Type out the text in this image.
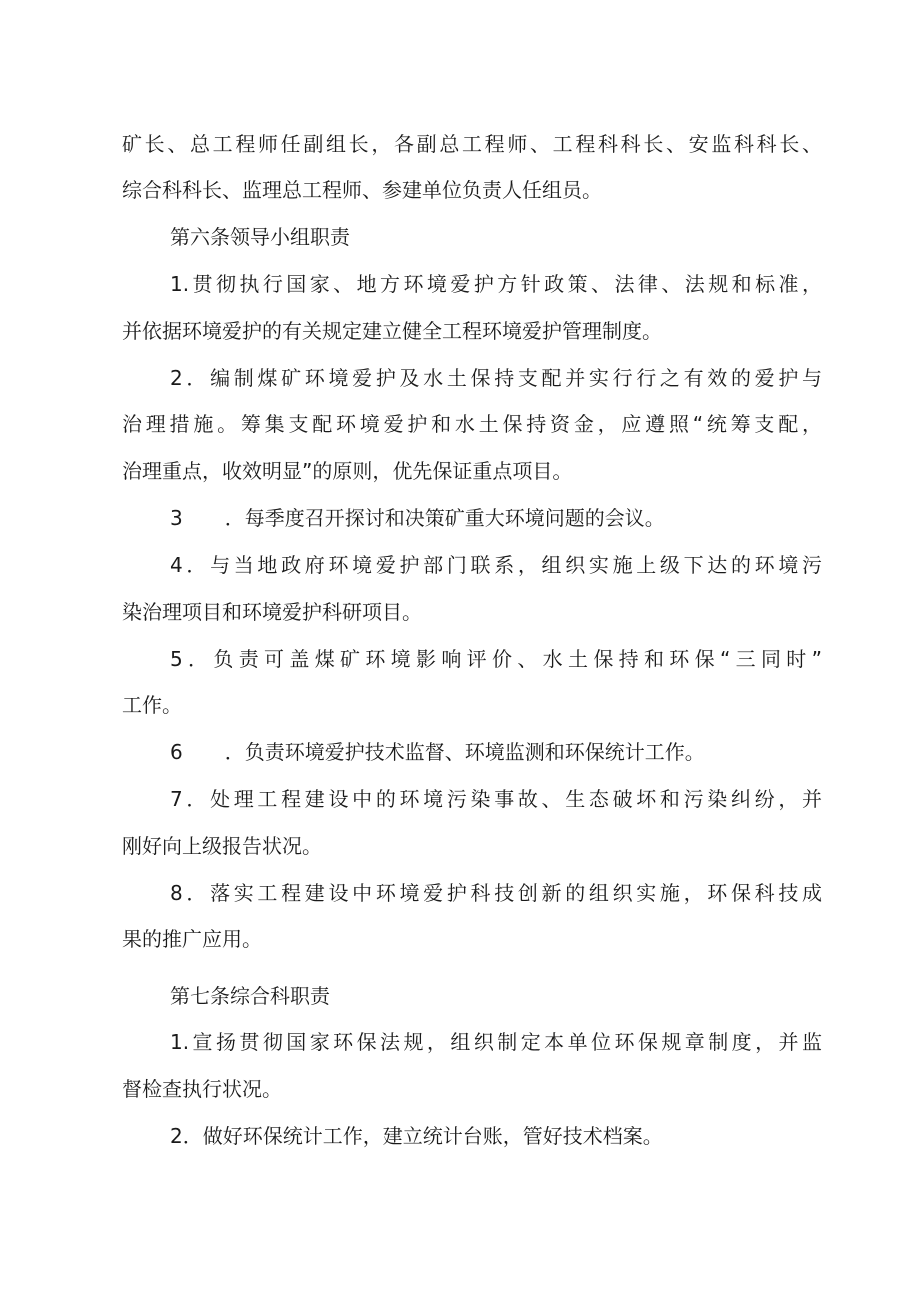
矿长、总工程师任副组长，各副总工程师、工程科科长、安监科科长、
综合科科长、监理总工程师、参建单位负责人任组员。
第六条领导小组职责
1.贯彻执行国家、地方环境爱护方针政策、法律、法规和标准，
并依据环境爱护的有关规定建立健全工程环境爱护管理制度。
2．编制煤矿环境爱护及水土保持支配并实行行之有效的爱护与
治理措施。筹集支配环境爱护和水土保持资金，应遵照“统筹支配，
治理重点，收效明显”的原则，优先保证重点项目。
3 ．每季度召开探讨和决策矿重大环境问题的会议。
4．与当地政府环境爱护部门联系，组织实施上级下达的环境污
染治理项目和环境爱护科研项目。
5．负责可盖煤矿环境影响评价、水土保持和环保“三同时”
工作。
6 ．负责环境爱护技术监督、环境监测和环保统计工作。
7．处理工程建设中的环境污染事故、生态破坏和污染纠纷，并
刚好向上级报告状况。
8．落实工程建设中环境爱护科技创新的组织实施，环保科技成
果的推广应用。
第七条综合科职责
1.宣扬贯彻国家环保法规，组织制定本单位环保规章制度，并监
督检查执行状况。
2．做好环保统计工作，建立统计台账，管好技术档案。
